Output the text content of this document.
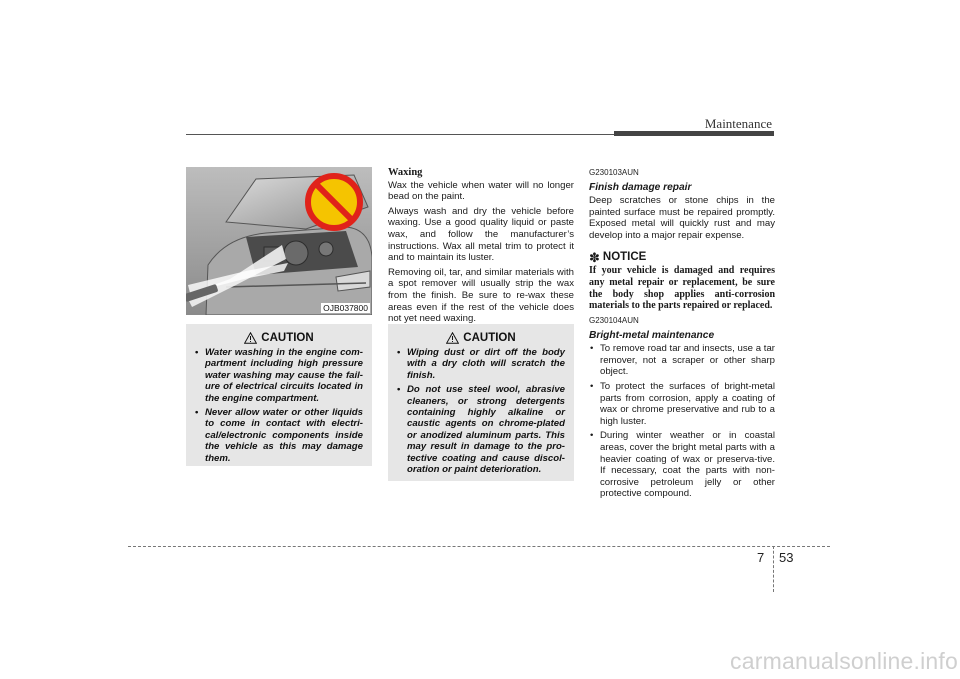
Maintenance
OJB037800
CAUTION
• Water washing in the engine com-partment including high pressure water washing may cause the fail-ure of electrical circuits located in the engine compartment.
• Never allow water or other liquids to come in contact with electri-cal/electronic components inside the vehicle as this may damage them.
Waxing

Wax the vehicle when water will no longer bead on the paint.

Always wash and dry the vehicle before waxing. Use a good quality liquid or paste wax, and follow the manufacturer’s instructions. Wax all metal trim to protect it and to maintain its luster.

Removing oil, tar, and similar materials with a spot remover will usually strip the wax from the finish. Be sure to re-wax these areas even if the rest of the vehicle does not yet need waxing.

CAUTION
• Wiping dust or dirt off the body with a dry cloth will scratch the finish.
• Do not use steel wool, abrasive cleaners, or strong detergents containing highly alkaline or caustic agents on chrome-plated or anodized aluminum parts. This may result in damage to the pro-tective coating and cause discol-oration or paint deterioration.
G230103AUN
Finish damage repair

Deep scratches or stone chips in the painted surface must be repaired promptly. Exposed metal will quickly rust and may develop into a major repair expense.

✽ NOTICE

If your vehicle is damaged and requires any metal repair or replacement, be sure the body shop applies anti-corrosion materials to the parts repaired or replaced.

G230104AUN
Bright-metal maintenance
• To remove road tar and insects, use a tar remover, not a scraper or other sharp object.
• To protect the surfaces of bright-metal parts from corrosion, apply a coating of wax or chrome preservative and rub to a high luster.
• During winter weather or in coastal areas, cover the bright metal parts with a heavier coating of wax or preserva-tive. If necessary, coat the parts with non-corrosive petroleum jelly or other protective compound.
7 53
carmanualsonline.info
